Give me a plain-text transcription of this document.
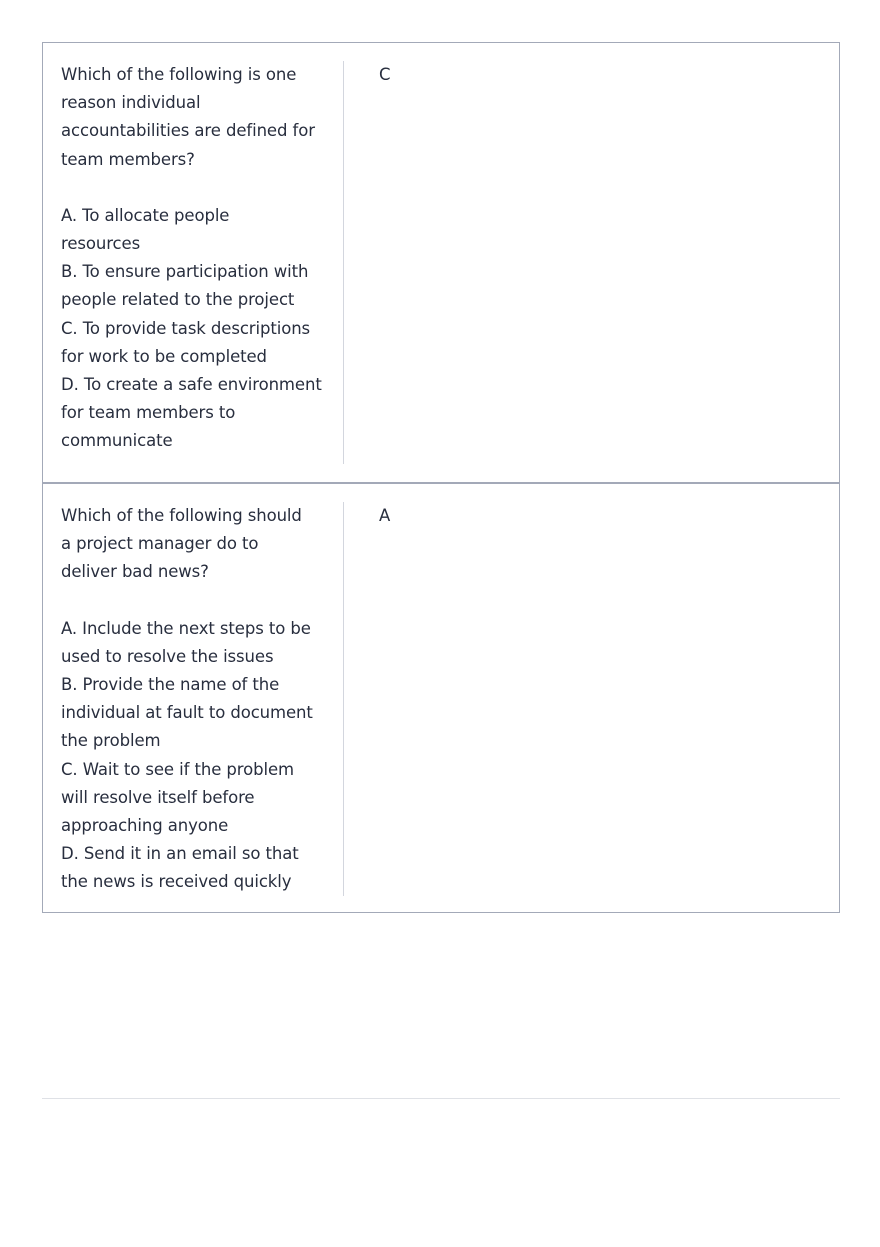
Which of the following is one
reason individual
accountabilities are defined for
team members?
A. To allocate people
resources
B. To ensure participation with
people related to the project
C. To provide task descriptions
for work to be completed
D. To create a safe environment
for team members to
communicate
C
Which of the following should
a project manager do to
deliver bad news?
A. Include the next steps to be
used to resolve the issues
B. Provide the name of the
individual at fault to document
the problem
C. Wait to see if the problem
will resolve itself before
approaching anyone
D. Send it in an email so that
the news is received quickly
A
